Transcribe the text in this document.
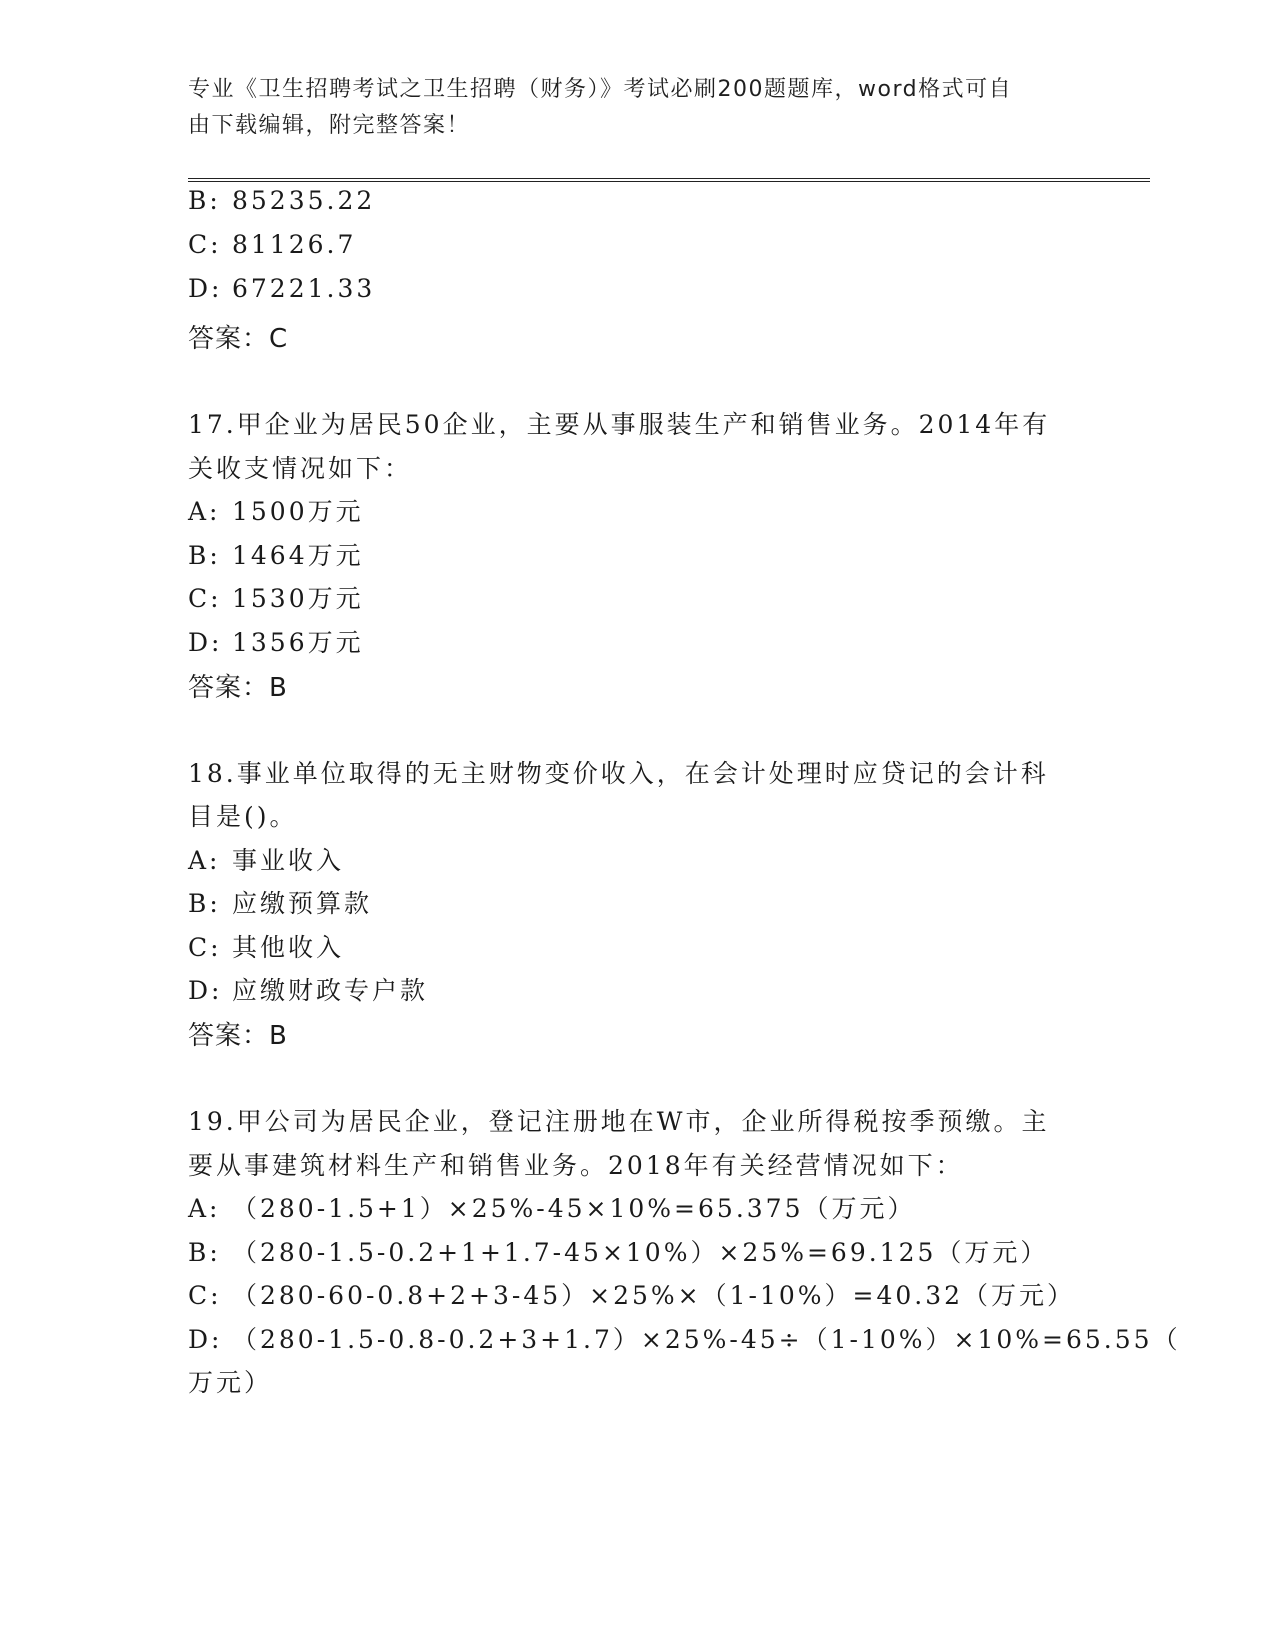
专业《卫生招聘考试之卫生招聘（财务）》考试必刷200题题库，word格式可自
由下载编辑，附完整答案！
B: 85235.22
C: 81126.7
D: 67221.33
答案：C
17.甲企业为居民50企业，主要从事服装生产和销售业务。2014年有
关收支情况如下：
A: 1500万元
B: 1464万元
C: 1530万元
D: 1356万元
答案：B
18.事业单位取得的无主财物变价收入，在会计处理时应贷记的会计科
目是()。
A: 事业收入
B: 应缴预算款
C: 其他收入
D: 应缴财政专户款
答案：B
19.甲公司为居民企业，登记注册地在W市，企业所得税按季预缴。主
要从事建筑材料生产和销售业务。2018年有关经营情况如下：
A: （280-1.5+1）×25%-45×10%=65.375（万元）
B: （280-1.5-0.2+1+1.7-45×10%）×25%=69.125（万元）
C: （280-60-0.8+2+3-45）×25%×（1-10%）=40.32（万元）
D: （280-1.5-0.8-0.2+3+1.7）×25%-45÷（1-10%）×10%=65.55（
万元）
